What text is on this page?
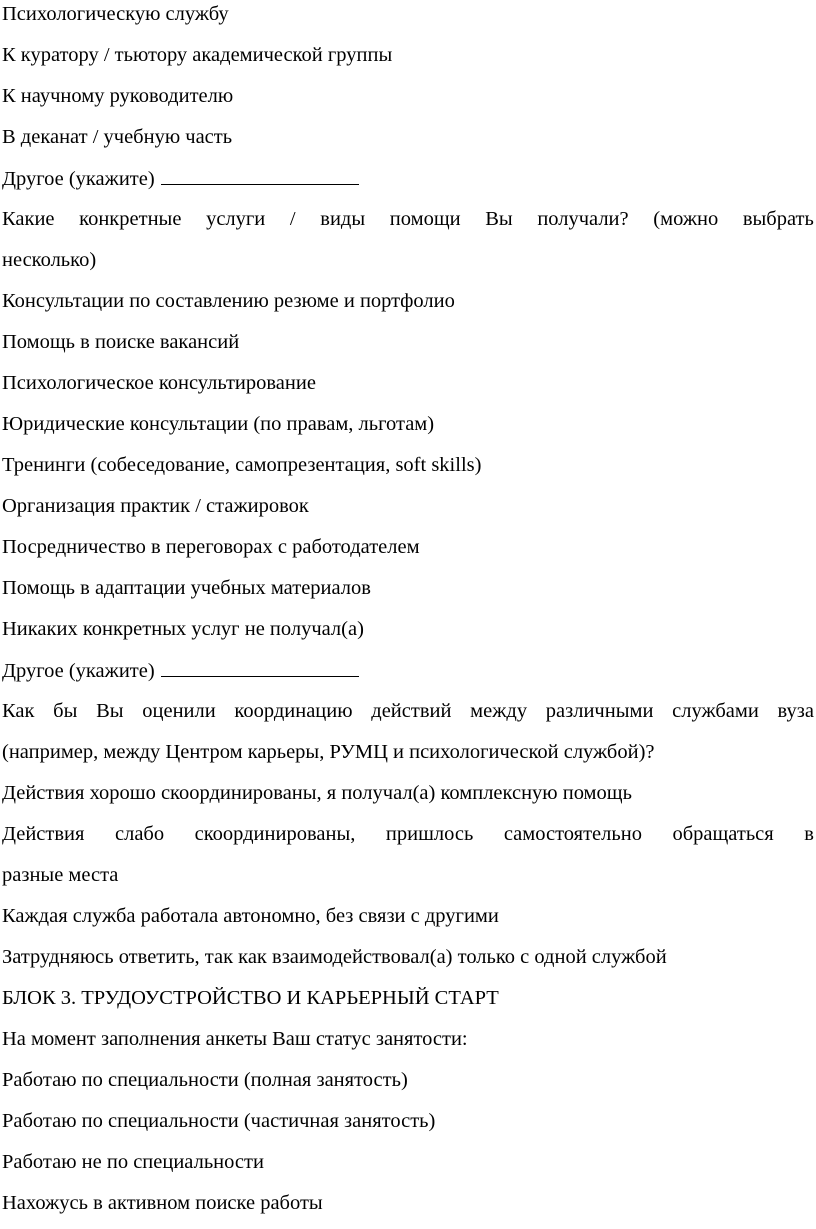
Психологическую службу
К куратору / тьютору академической группы
К научному руководителю
В деканат / учебную часть
Другое (укажите)
Какие конкретные услуги / виды помощи Вы получали? (можно выбрать
несколько)
Консультации по составлению резюме и портфолио
Помощь в поиске вакансий
Психологическое консультирование
Юридические консультации (по правам, льготам)
Тренинги (собеседование, самопрезентация, soft skills)
Организация практик / стажировок
Посредничество в переговорах с работодателем
Помощь в адаптации учебных материалов
Никаких конкретных услуг не получал(а)
Другое (укажите)
Как бы Вы оценили координацию действий между различными службами вуза
(например, между Центром карьеры, РУМЦ и психологической службой)?
Действия хорошо скоординированы, я получал(а) комплексную помощь
Действия слабо скоординированы, пришлось самостоятельно обращаться в
разные места
Каждая служба работала автономно, без связи с другими
Затрудняюсь ответить, так как взаимодействовал(а) только с одной службой
БЛОК 3. ТРУДОУСТРОЙСТВО И КАРЬЕРНЫЙ СТАРТ
На момент заполнения анкеты Ваш статус занятости:
Работаю по специальности (полная занятость)
Работаю по специальности (частичная занятость)
Работаю не по специальности
Нахожусь в активном поиске работы
